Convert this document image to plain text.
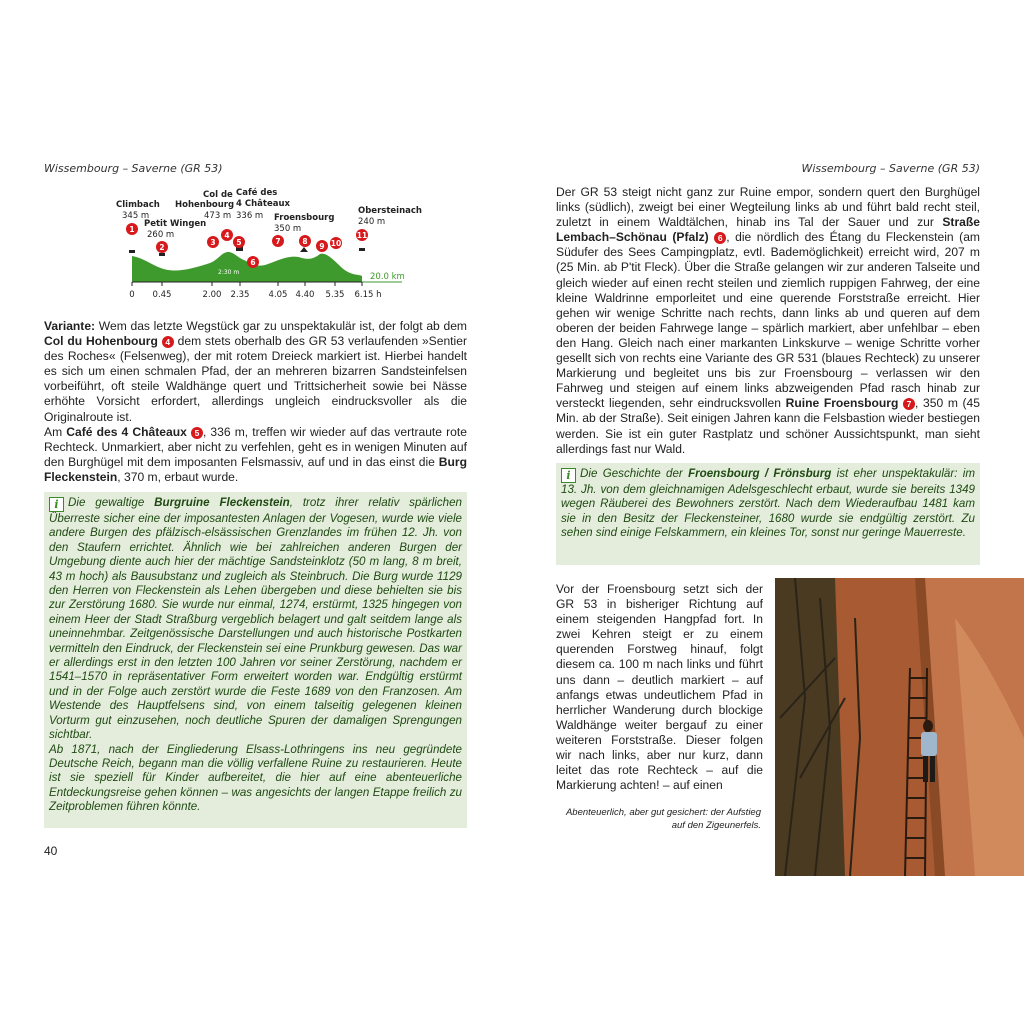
Wissembourg – Saverne (GR 53)	Wissembourg – Saverne (GR 53)
Climbach
345 m
Petit Wingen
260 m
Col de
Hohenbourg
473 m
Café des
4 Châteaux
336 m Froensbourg
350 m
Obersteinach
240 m
1
2
3
4
5
6
7	8
9 10
11
2:30 m	20.0 km
0 0.45	2.00 2.35 4.05 4.40 5.35 6.15 h

Variante: Wem das letzte Wegstück gar zu unspektakulär ist, der folgt ab dem Col du Hohenbourg 4 dem stets oberhalb des GR 53 verlaufenden »Sentier des Roches« (Felsenweg), der mit rotem Dreieck markiert ist. Hierbei handelt es sich um einen schmalen Pfad, der an mehreren bizarren Sandsteinfelsen vorbeiführt, oft steile Waldhänge quert und Trittsicherheit sowie bei Nässe erhöhte Vorsicht erfordert, allerdings ungleich eindrucksvoller als die Originalroute ist.

Am Café des 4 Châteaux 5 , 336 m, treffen wir wieder auf das vertraute rote Rechteck. Unmarkiert, aber nicht zu verfehlen, geht es in wenigen Minuten auf den Burghügel mit dem imposanten Felsmassiv, auf und in das einst die Burg Fleckenstein, 370 m, erbaut wurde.

i Die gewaltige Burgruine Fleckenstein, trotz ihrer relativ spärlichen Überreste sicher eine der imposantesten Anlagen der Vogesen, wurde wie viele andere Burgen des pfälzisch-elsässischen Grenzlandes im frühen 12. Jh. von den Staufern errichtet. Ähnlich wie bei zahlreichen anderen Burgen der Umgebung diente auch hier der mächtige Sandsteinklotz (50 m lang, 8 m breit, 43 m hoch) als Bausubstanz und zugleich als Steinbruch. Die Burg wurde 1129 den Herren von Fleckenstein als Lehen übergeben und diese behielten sie bis zur Zerstörung 1680. Sie wurde nur einmal, 1274, erstürmt, 1325 hingegen von einem Heer der Stadt Straßburg vergeblich belagert und galt seitdem lange als uneinnehmbar. Zeitgenössische Darstellungen und auch historische Postkarten vermitteln den Eindruck, der Fleckenstein sei eine Prunkburg gewesen. Das war er allerdings erst in den letzten 100 Jahren vor seiner Zerstörung, nachdem er 1541–1570 in repräsentativer Form erweitert worden war. Endgültig erstürmt und in der Folge auch zerstört wurde die Feste 1689 von den Franzosen. Am Westende des Hauptfelsens sind, von einem talseitig gelegenen kleinen Vorturm gut einzusehen, noch deutliche Spuren der damaligen Sprengungen sichtbar.

Ab 1871, nach der Eingliederung Elsass-Lothringens ins neu gegründete Deutsche Reich, begann man die völlig verfallene Ruine zu restaurieren. Heute ist sie speziell für Kinder aufbereitet, die hier auf eine abenteuerliche Entdeckungsreise gehen können – was angesichts der langen Etappe freilich zu Zeitproblemen führen könnte.

40

Der GR 53 steigt nicht ganz zur Ruine empor, sondern quert den Burghügel links (südlich), zweigt bei einer Wegteilung links ab und führt bald recht steil, zuletzt in einem Waldtälchen, hinab ins Tal der Sauer und zur Straße Lembach–Schönau (Pfalz) 6 , die nördlich des Étang du Fleckenstein (am Südufer des Sees Campingplatz, evtl. Bademöglichkeit) erreicht wird, 207 m (25 Min. ab P'tit Fleck). Über die Straße gelangen wir zur anderen Talseite und gleich wieder auf einen recht steilen und ziemlich ruppigen Fahrweg, der eine kleine Waldrinne emporleitet und eine querende Forststraße erreicht. Hier gehen wir wenige Schritte nach rechts, dann links ab und queren auf dem oberen der beiden Fahrwege lange – spärlich markiert, aber unfehlbar – eben den Hang. Gleich nach einer markanten Linkskurve – wenige Schritte vorher gesellt sich von rechts eine Variante des GR 531 (blaues Rechteck) zu unserer Markierung und begleitet uns bis zur Froensbourg – verlassen wir den Fahrweg und steigen auf einem links abzweigenden Pfad rasch hinab zur versteckt liegenden, sehr eindrucksvollen Ruine Froensbourg 7 , 350 m (45 Min. ab der Straße). Seit einigen Jahren kann die Felsbastion wieder bestiegen werden. Sie ist ein guter Rastplatz und schöner Aussichtspunkt, man sieht allerdings fast nur Wald.

i Die Geschichte der Froensbourg / Frönsburg ist eher unspektakulär: im 13. Jh. von dem gleichnamigen Adelsgeschlecht erbaut, wurde sie bereits 1349 wegen Räuberei des Bewohners zerstört. Nach dem Wiederaufbau 1481 kam sie in den Besitz der Fleckensteiner, 1680 wurde sie endgültig zerstört. Zu sehen sind einige Felskammern, ein kleines Tor, sonst nur geringe Mauerreste.

Vor der Froensbourg setzt sich der GR 53 in bisheriger Richtung auf einem steigenden Hangpfad fort. In zwei Kehren steigt er zu einem querenden Forstweg hinauf, folgt diesem ca. 100 m nach links und führt uns dann – deutlich markiert – auf anfangs etwas undeutlichem Pfad in herrlicher Wanderung durch blockige Waldhänge weiter bergauf zu einer weiteren Forststraße. Dieser folgen wir nach links, aber nur kurz, dann leitet das rote Rechteck – auf die Markierung achten! – auf einen

Abenteuerlich, aber gut gesichert: der Aufstieg auf den Zigeunerfels.
